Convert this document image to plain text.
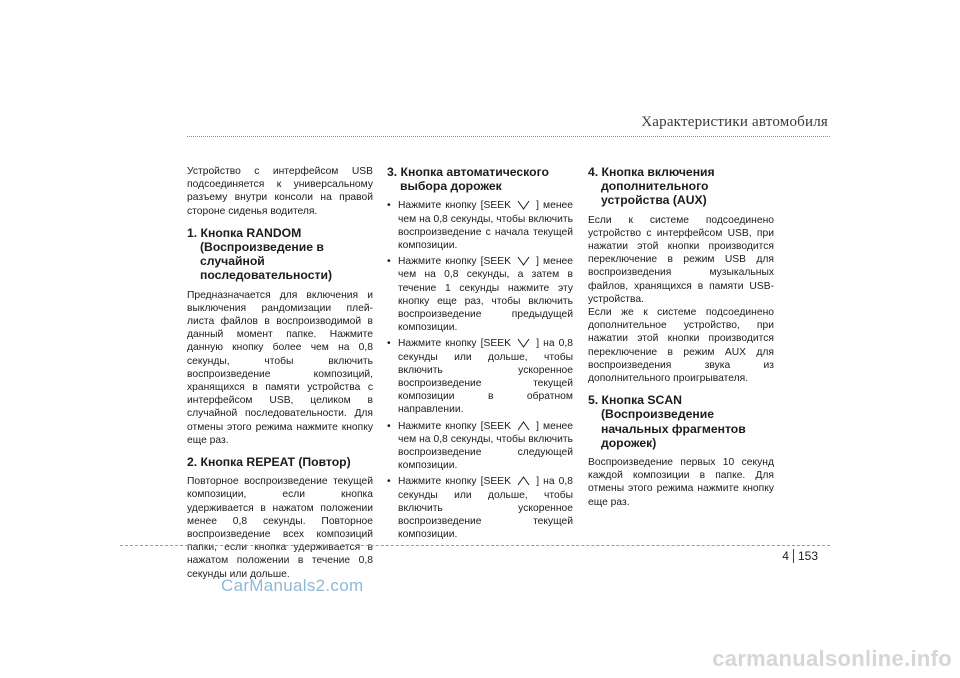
Характеристики автомобиля

Устройство с интерфейсом USB подсоединяется к универсальному разъему внутри консоли на правой стороне сиденья водителя.

1. Кнопка RANDOM (Воспроизведение в случайной последовательности)

Предназначается для включения и выключения рандомизации плей-листа файлов в воспроизводимой в данный момент папке. Нажмите данную кнопку более чем на 0,8 секунды, чтобы включить воспроизведение композиций, хранящихся в памяти устройства с интерфейсом USB, целиком в случайной последовательности. Для отмены этого режима нажмите кнопку еще раз.

2. Кнопка REPEAT (Повтор)

Повторное воспроизведение текущей композиции, если кнопка удерживается в нажатом положении менее 0,8 секунды. Повторное воспроизведение всех композиций папки, если кнопка удерживается в нажатом положении в течение 0,8 секунды или дольше.

3. Кнопка автоматического выбора дорожек
• Нажмите кнопку [SEEK ] менее чем на 0,8 секунды, чтобы включить воспроизведение с начала текущей композиции.
• Нажмите кнопку [SEEK ] менее чем на 0,8 секунды, а затем в течение 1 секунды нажмите эту кнопку еще раз, чтобы включить воспроизведение предыдущей композиции.
• Нажмите кнопку [SEEK ] на 0,8 секунды или дольше, чтобы включить ускоренное воспроизведение текущей композиции в обратном направлении.
• Нажмите кнопку [SEEK ] менее чем на 0,8 секунды, чтобы включить воспроизведение следующей композиции.
• Нажмите кнопку [SEEK ] на 0,8 секунды или дольше, чтобы включить ускоренное воспроизведение текущей композиции.
4. Кнопка включения дополнительного устройства (AUX)

Если к системе подсоединено устройство с интерфейсом USB, при нажатии этой кнопки производится переключение в режим USB для воспроизведения музыкальных файлов, хранящихся в памяти USB-устройства.

Если же к системе подсоединено дополнительное устройство, при нажатии этой кнопки производится переключение в режим AUX для воспроизведения звука из дополнительного проигрывателя.

5. Кнопка SCAN (Воспроизведение начальных фрагментов дорожек)

Воспроизведение первых 10 секунд каждой композиции в папке. Для отмены этого режима нажмите кнопку еще раз.

4 153
CarManuals2.com
carmanualsonline.info
